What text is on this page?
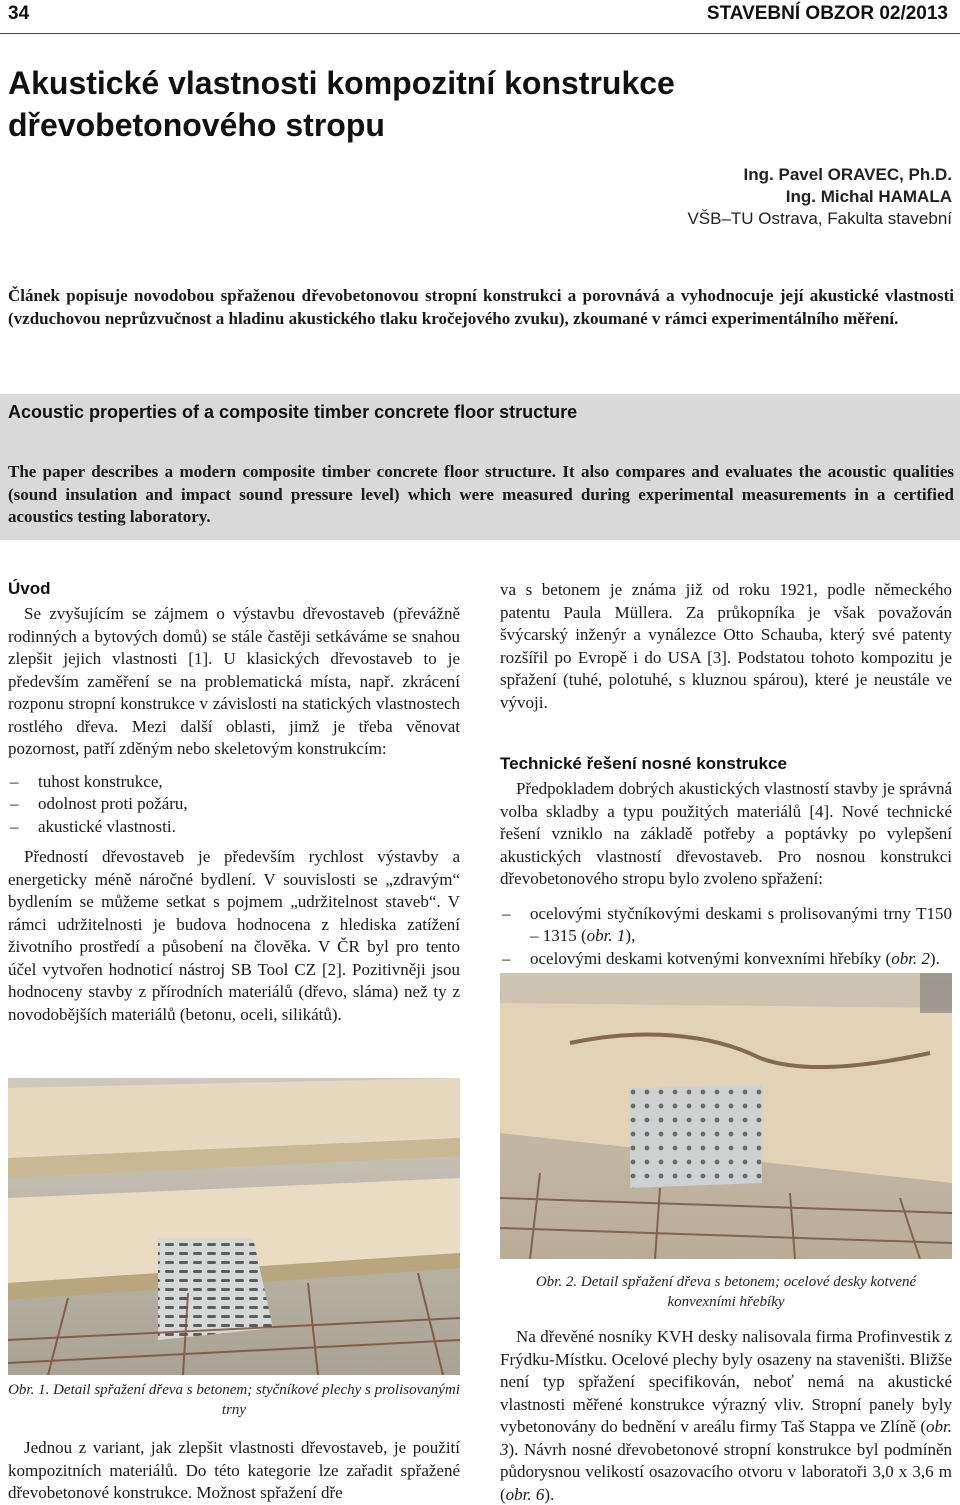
34	STAVEBNÍ OBZOR 02/2013
Akustické vlastnosti kompozitní konstrukce dřevobetonového stropu
Ing. Pavel ORAVEC, Ph.D.
Ing. Michal HAMALA
VŠB–TU Ostrava, Fakulta stavební

Článek popisuje novodobou spřaženou dřevobetonovou stropní konstrukci a porovnává a vyhodnocuje její akustické vlastnosti (vzduchovou neprůzvučnost a hladinu akustického tlaku kročejového zvuku), zkoumané v rámci experimentálního měření.

Acoustic properties of a composite timber concrete floor structure

The paper describes a modern composite timber concrete floor structure. It also compares and evaluates the acoustic qualities (sound insulation and impact sound pressure level) which were measured during experimental measurements in a certified acoustics testing laboratory.

Úvod

Se zvyšujícím se zájmem o výstavbu dřevostaveb (převážně rodinných a bytových domů) se stále častěji setkáváme se snahou zlepšit jejich vlastnosti [1]. U klasických dřevostaveb to je především zaměření se na problematická místa, např. zkrácení rozponu stropní konstrukce v závislosti na statických vlastnostech rostlého dřeva. Mezi další oblasti, jimž je třeba věnovat pozornost, patří zděným nebo skeletovým konstrukcím:

– tuhost konstrukce,
– odolnost proti požáru,
– akustické vlastnosti.

Předností dřevostaveb je především rychlost výstavby a energeticky méně náročné bydlení. V souvislosti se „zdravým“ bydlením se můžeme setkat s pojmem „udržitelnost staveb“. V rámci udržitelnosti je budova hodnocena z hlediska zatížení životního prostředí a působení na člověka. V ČR byl pro tento účel vytvořen hodnoticí nástroj SB Tool CZ [2]. Pozitivněji jsou hodnoceny stavby z přírodních materiálů (dřevo, sláma) než ty z novodobějších materiálů (betonu, oceli, silikátů).

Obr. 1. Detail spřažení dřeva s betonem; styčníkové plechy s prolisovanými trny

Jednou z variant, jak zlepšit vlastnosti dřevostaveb, je použití kompozitních materiálů. Do této kategorie lze zařadit spřažené dřevobetonové konstrukce. Možnost spřažení dře

va s betonem je známa již od roku 1921, podle německého patentu Paula Müllera. Za průkopníka je však považován švýcarský inženýr a vynálezce Otto Schauba, který své patenty rozšířil po Evropě i do USA [3]. Podstatou tohoto kompozitu je spřažení (tuhé, polotuhé, s kluznou spárou), které je neustále ve vývoji.

Technické řešení nosné konstrukce

Předpokladem dobrých akustických vlastností stavby je správná volba skladby a typu použitých materiálů [4]. Nové technické řešení vzniklo na základě potřeby a poptávky po vylepšení akustických vlastností dřevostaveb. Pro nosnou konstrukci dřevobetonového stropu bylo zvoleno spřažení:

– ocelovými styčníkovými deskami s prolisovanými trny T150 – 1315 (obr. 1),
– ocelovými deskami kotvenými konvexními hřebíky (obr. 2).
Obr. 2. Detail spřažení dřeva s betonem; ocelové desky kotvené konvexními hřebíky

Na dřevěné nosníky KVH desky nalisovala firma Profinvestik z Frýdku-Místku. Ocelové plechy byly osazeny na staveništi. Bližše není typ spřažení specifikován, neboť nemá na akustické vlastnosti měřené konstrukce výrazný vliv. Stropní panely byly vybetonovány do bednění v areálu firmy Taš Stappa ve Zlíně (obr. 3). Návrh nosné dřevobetonové stropní konstrukce byl podmíněn půdorysnou velikostí osazovacího otvoru v laboratoři 3,0 x 3,6 m (obr. 6).
